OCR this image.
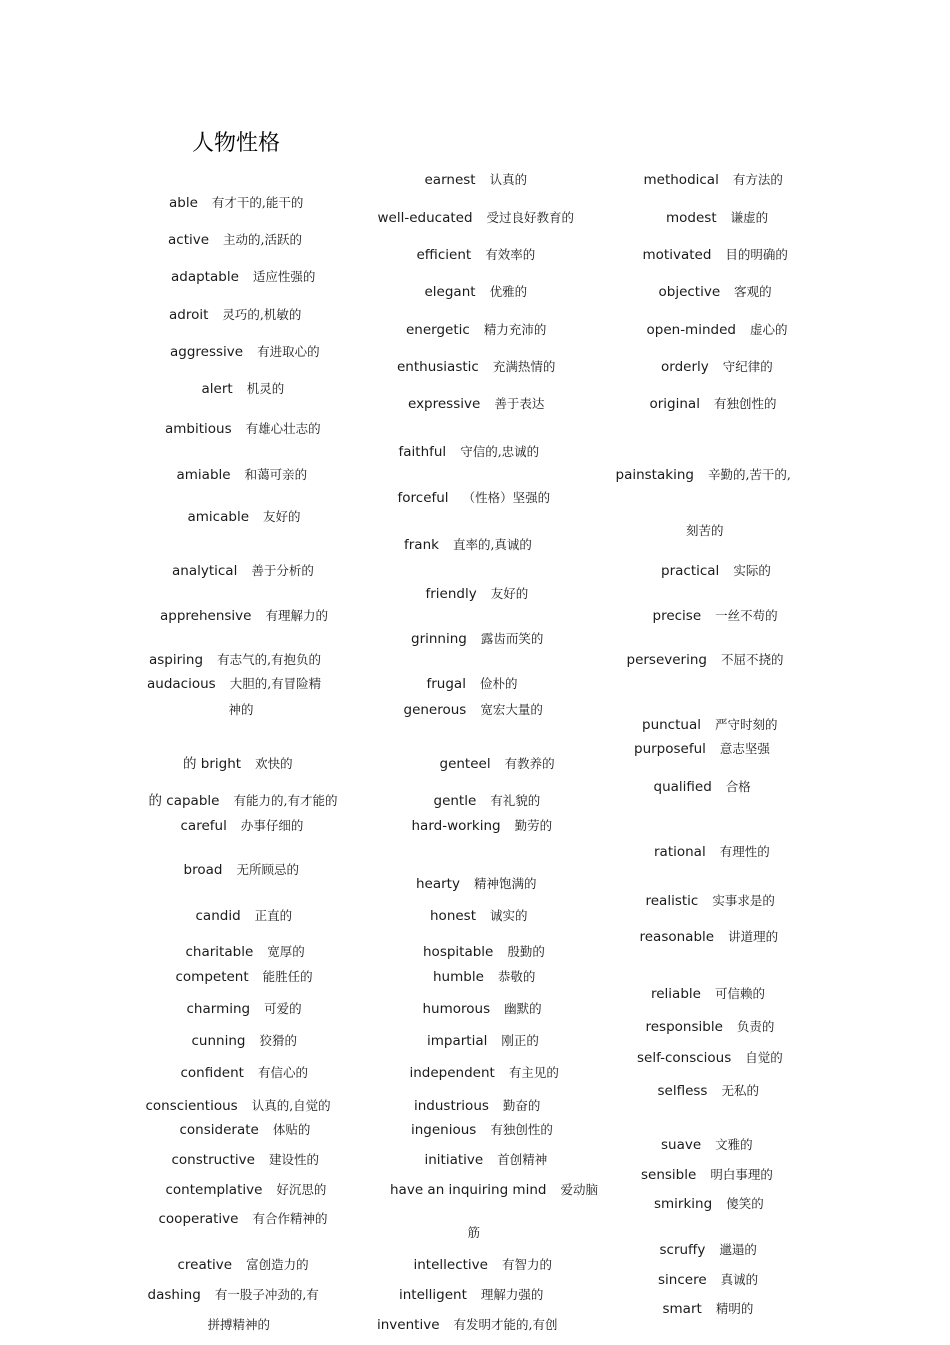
人物性格
able 有才干的,能干的
active 主动的,活跃的
adaptable 适应性强的
adroit 灵巧的,机敏的
aggressive 有进取心的
alert 机灵的
ambitious 有雄心壮志的
amiable 和蔼可亲的
amicable 友好的
analytical 善于分析的
apprehensive 有理解力的
aspiring 有志气的,有抱负的
audacious 大胆的,有冒险精
神的
的 bright 欢快的
的 capable 有能力的,有才能的
careful 办事仔细的
broad 无所顾忌的
candid 正直的
charitable 宽厚的
competent 能胜任的
charming 可爱的
cunning 狡猾的
confident 有信心的
conscientious 认真的,自觉的
considerate 体贴的
constructive 建设性的
contemplative 好沉思的
cooperative 有合作精神的
creative 富创造力的
dashing 有一股子冲劲的,有
拼搏精神的
earnest 认真的
well-educated 受过良好教育的
efficient 有效率的
elegant 优雅的
energetic 精力充沛的
enthusiastic 充满热情的
expressive 善于表达
faithful 守信的,忠诚的
forceful （性格）坚强的
frank 直率的,真诚的
friendly 友好的
grinning 露齿而笑的
frugal 俭朴的
generous 宽宏大量的
genteel 有教养的
gentle 有礼貌的
hard-working 勤劳的
hearty 精神饱满的
honest 诚实的
hospitable 殷勤的
humble 恭敬的
humorous 幽默的
impartial 刚正的
independent 有主见的
industrious 勤奋的
ingenious 有独创性的
initiative 首创精神
have an inquiring mind 爱动脑
筋
intellective 有智力的
intelligent 理解力强的
inventive 有发明才能的,有创
methodical 有方法的
modest 谦虚的
motivated 目的明确的
objective 客观的
open-minded 虚心的
orderly 守纪律的
original 有独创性的
painstaking 辛勤的,苦干的,
刻苦的
practical 实际的
precise 一丝不苟的
persevering 不屈不挠的
punctual 严守时刻的
purposeful 意志坚强
qualified 合格
rational 有理性的
realistic 实事求是的
reasonable 讲道理的
reliable 可信赖的
responsible 负责的
self-conscious 自觉的
selfless 无私的
suave 文雅的
sensible 明白事理的
smirking 傻笑的
scruffy 邋遢的
sincere 真诚的
smart 精明的
